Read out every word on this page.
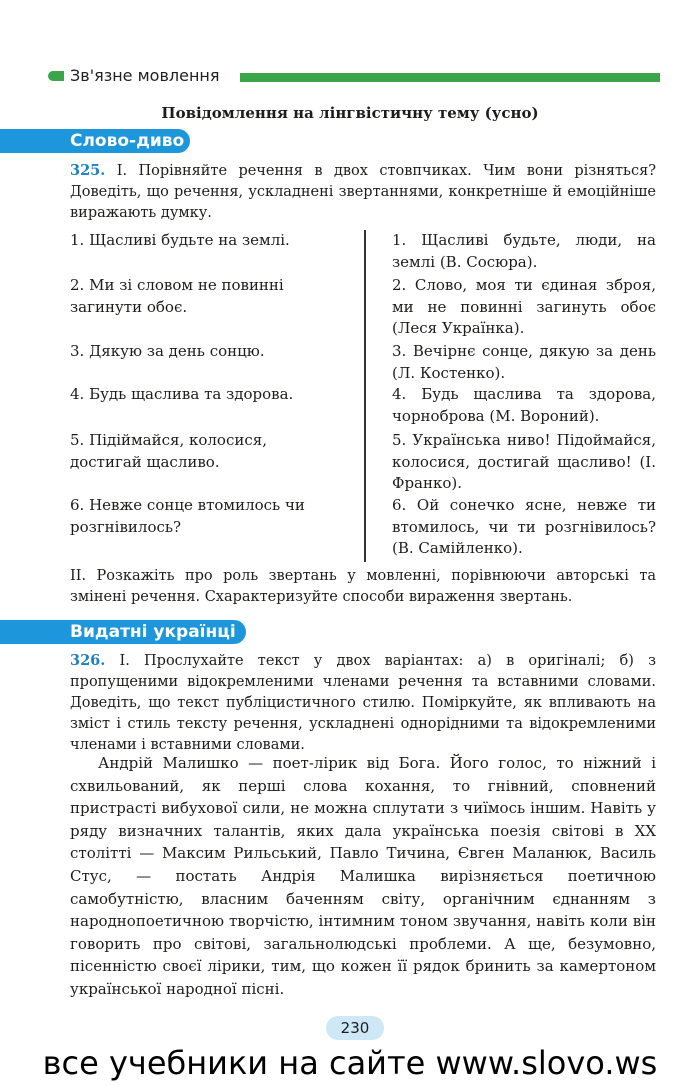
Зв'язне мовлення
Повідомлення на лінгвістичну тему (усно)
Слово-диво

325. І. Порівняйте речення в двох стовпчиках. Чим вони різняться? Доведіть, що речення, ускладнені звертаннями, конкретніше й емоційніше виражають думку.

1. Щасливі будьте на землі.
2. Ми зі словом не повинні загинути обоє.
3. Дякую за день сонцю.
4. Будь щаслива та здорова.
5. Підіймайся, колосися, достигай щасливо.
6. Невже сонце втомилось чи розгнівилось?
1. Щасливі будьте, люди, на землі (В. Сосюра).
2. Слово, моя ти єдиная зброя, ми не повинні загинуть обоє (Леся Українка).
3. Вечірнє сонце, дякую за день (Л. Костенко).
4. Будь щаслива та здорова, чорноброва (М. Вороний).
5. Українська ниво! Підоймайся, колосися, достигай щасливо! (І. Франко).
6. Ой сонечко ясне, невже ти втомилось, чи ти розгнівилось? (В. Самійленко).

ІІ. Розкажіть про роль звертань у мовленні, порівнюючи авторські та змінені речення. Схарактеризуйте способи вираження звертань.

Видатні українці

326. І. Прослухайте текст у двох варіантах: а) в оригіналі; б) з пропущеними відокремленими членами речення та вставними словами. Доведіть, що текст публіцистичного стилю. Поміркуйте, як впливають на зміст і стиль тексту речення, ускладнені однорідними та відокремленими членами і вставними словами.

Андрій Малишко — поет-лірик від Бога. Його голос, то ніжний і схвильований, як перші слова кохання, то гнівний, сповнений пристрасті вибухової сили, не можна сплутати з чиїмось іншим. Навіть у ряду визначних талантів, яких дала українська поезія світові в ХХ столітті — Максим Рильський, Павло Тичина, Євген Маланюк, Василь Стус, — постать Андрія Малишка вирізняється поетичною самобутністю, власним баченням світу, органічним єднанням з народнопоетичною творчістю, інтимним тоном звучання, навіть коли він говорить про світові, загальнолюдські проблеми. А ще, безумовно, пісенністю своєї лірики, тим, що кожен її рядок бринить за камертоном української народної пісні.

230
все учебники на сайте www.slovo.ws
